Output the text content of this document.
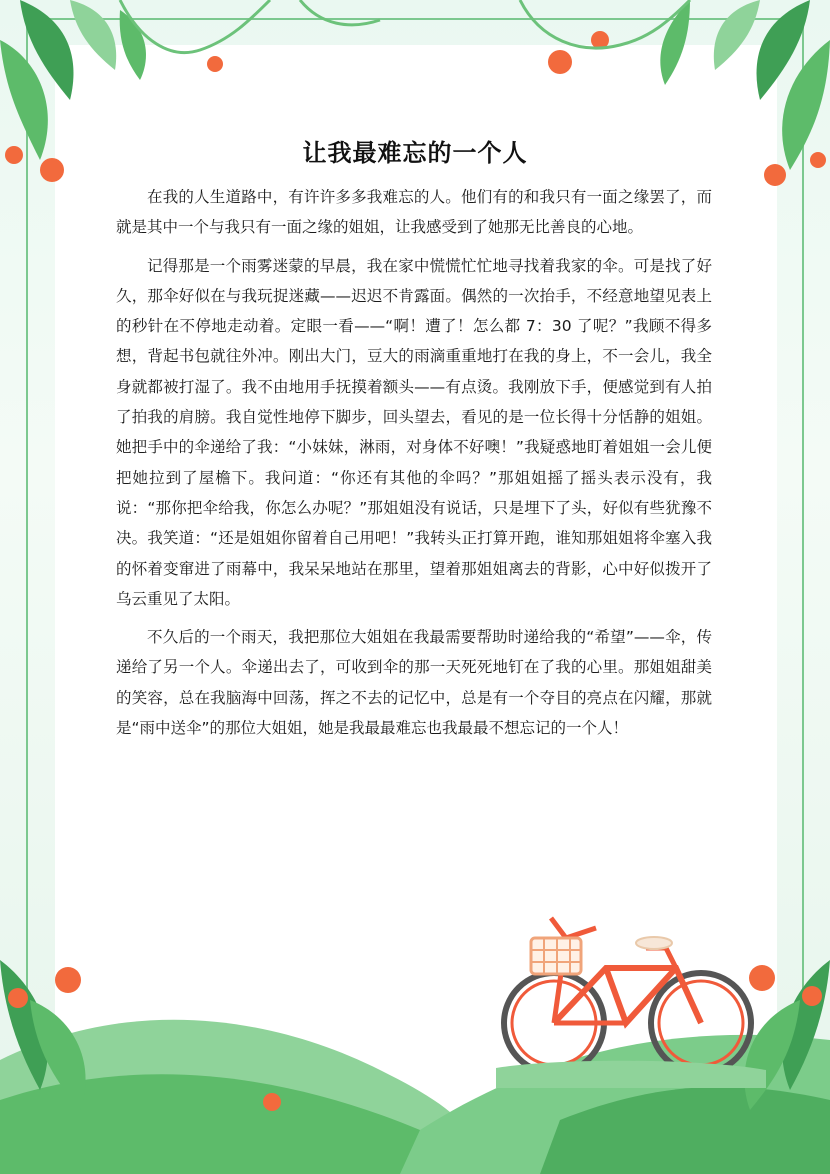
让我最难忘的一个人

在我的人生道路中，有许许多多我难忘的人。他们有的和我只有一面之缘罢了，而就是其中一个与我只有一面之缘的姐姐，让我感受到了她那无比善良的心地。

记得那是一个雨雾迷蒙的早晨，我在家中慌慌忙忙地寻找着我家的伞。可是找了好久，那伞好似在与我玩捉迷藏——迟迟不肯露面。偶然的一次抬手，不经意地望见表上的秒针在不停地走动着。定眼一看——“啊！遭了！怎么都 7：30 了呢？”我顾不得多想，背起书包就往外冲。刚出大门，豆大的雨滴重重地打在我的身上，不一会儿，我全身就都被打湿了。我不由地用手抚摸着额头——有点烫。我刚放下手，便感觉到有人拍了拍我的肩膀。我自觉性地停下脚步，回头望去，看见的是一位长得十分恬静的姐姐。她把手中的伞递给了我：“小妹妹，淋雨，对身体不好噢！”我疑惑地盯着姐姐一会儿便把她拉到了屋檐下。我问道：“你还有其他的伞吗？”那姐姐摇了摇头表示没有，我说：“那你把伞给我，你怎么办呢？”那姐姐没有说话，只是埋下了头，好似有些犹豫不决。我笑道：“还是姐姐你留着自己用吧！”我转头正打算开跑，谁知那姐姐将伞塞入我的怀着变窜进了雨幕中，我呆呆地站在那里，望着那姐姐离去的背影，心中好似拨开了乌云重见了太阳。

不久后的一个雨天，我把那位大姐姐在我最需要帮助时递给我的“希望”——伞，传递给了另一个人。伞递出去了，可收到伞的那一天死死地钉在了我的心里。那姐姐甜美的笑容，总在我脑海中回荡，挥之不去的记忆中，总是有一个夺目的亮点在闪耀，那就是“雨中送伞”的那位大姐姐，她是我最最难忘也我最最不想忘记的一个人！
